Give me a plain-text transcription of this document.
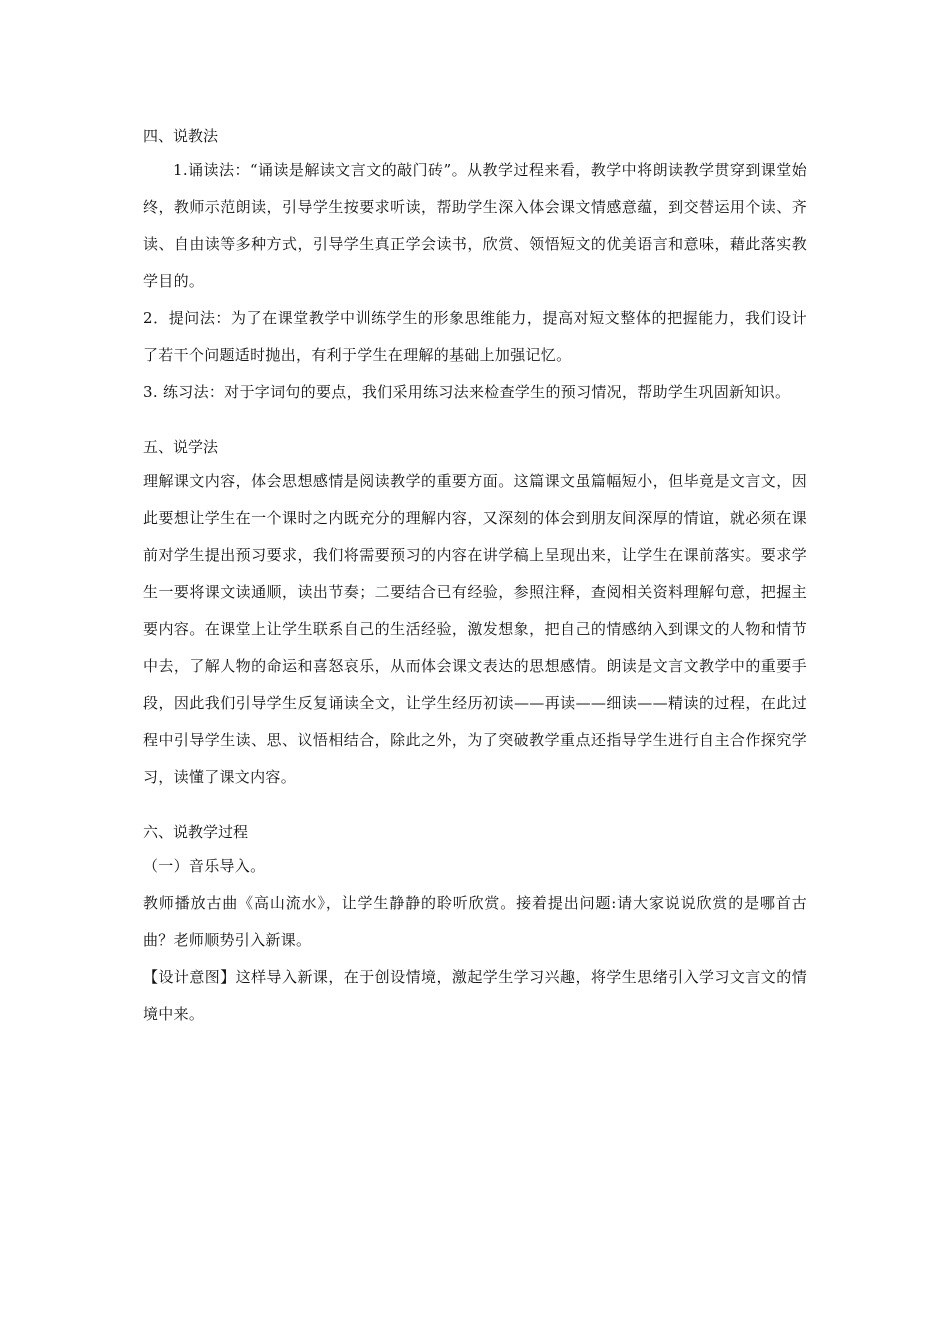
四、说教法

1.诵读法：“诵读是解读文言文的敲门砖”。从教学过程来看，教学中将朗读教学贯穿到课堂始终，教师示范朗读，引导学生按要求听读，帮助学生深入体会课文情感意蕴，到交替运用个读、齐读、自由读等多种方式，引导学生真正学会读书，欣赏、领悟短文的优美语言和意味，藉此落实教学目的。

2．提问法：为了在课堂教学中训练学生的形象思维能力，提高对短文整体的把握能力，我们设计了若干个问题适时抛出，有利于学生在理解的基础上加强记忆。

3. 练习法：对于字词句的要点，我们采用练习法来检查学生的预习情况，帮助学生巩固新知识。

五、说学法

理解课文内容，体会思想感情是阅读教学的重要方面。这篇课文虽篇幅短小，但毕竟是文言文，因此要想让学生在一个课时之内既充分的理解内容，又深刻的体会到朋友间深厚的情谊，就必须在课前对学生提出预习要求，我们将需要预习的内容在讲学稿上呈现出来，让学生在课前落实。要求学生一要将课文读通顺，读出节奏；二要结合已有经验，参照注释，查阅相关资料理解句意，把握主要内容。在课堂上让学生联系自己的生活经验，激发想象，把自己的情感纳入到课文的人物和情节中去，了解人物的命运和喜怒哀乐，从而体会课文表达的思想感情。朗读是文言文教学中的重要手段，因此我们引导学生反复诵读全文，让学生经历初读——再读——细读——精读的过程，在此过程中引导学生读、思、议悟相结合，除此之外，为了突破教学重点还指导学生进行自主合作探究学习，读懂了课文内容。

六、说教学过程

（一）音乐导入。

教师播放古曲《高山流水》，让学生静静的聆听欣赏。接着提出问题:请大家说说欣赏的是哪首古曲？老师顺势引入新课。

【设计意图】这样导入新课，在于创设情境，激起学生学习兴趣，将学生思绪引入学习文言文的情境中来。
